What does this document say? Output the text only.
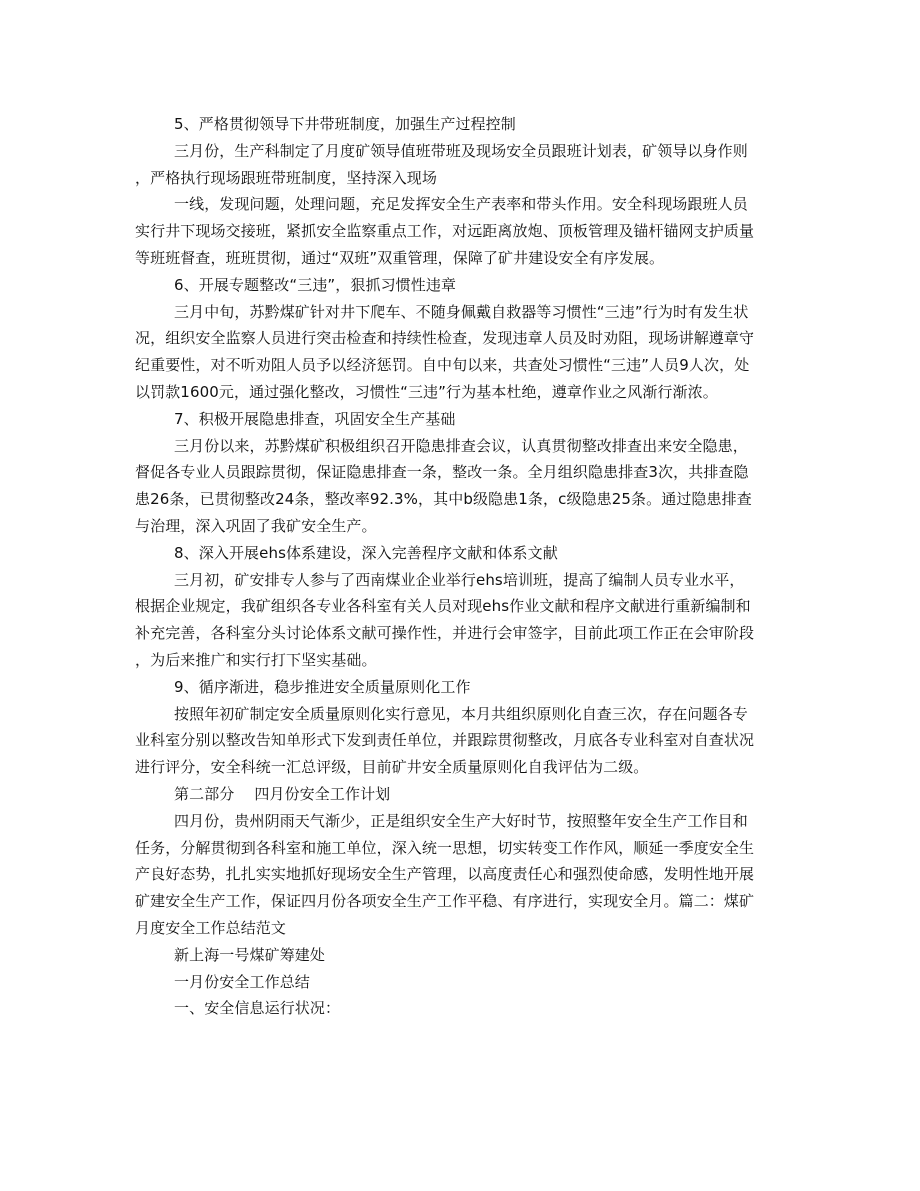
5、严格贯彻领导下井带班制度，加强生产过程控制
三月份，生产科制定了月度矿领导值班带班及现场安全员跟班计划表，矿领导以身作则
，严格执行现场跟班带班制度，坚持深入现场
一线，发现问题，处理问题，充足发挥安全生产表率和带头作用。安全科现场跟班人员
实行井下现场交接班，紧抓安全监察重点工作，对远距离放炮、顶板管理及锚杆锚网支护质量
等班班督查，班班贯彻，通过“双班”双重管理，保障了矿井建设安全有序发展。
6、开展专题整改“三违”，狠抓习惯性违章
三月中旬，苏黔煤矿针对井下爬车、不随身佩戴自救器等习惯性“三违”行为时有发生状
况，组织安全监察人员进行突击检查和持续性检查，发现违章人员及时劝阻，现场讲解遵章守
纪重要性，对不听劝阻人员予以经济惩罚。自中旬以来，共查处习惯性“三违”人员9人次，处
以罚款1600元，通过强化整改，习惯性“三违”行为基本杜绝，遵章作业之风渐行渐浓。
7、积极开展隐患排查，巩固安全生产基础
三月份以来，苏黔煤矿积极组织召开隐患排查会议，认真贯彻整改排查出来安全隐患，
督促各专业人员跟踪贯彻，保证隐患排查一条，整改一条。全月组织隐患排查3次，共排查隐
患26条，已贯彻整改24条，整改率92.3%，其中b级隐患1条，c级隐患25条。通过隐患排查
与治理，深入巩固了我矿安全生产。
8、深入开展ehs体系建设，深入完善程序文献和体系文献
三月初，矿安排专人参与了西南煤业企业举行ehs培训班，提高了编制人员专业水平，
根据企业规定，我矿组织各专业各科室有关人员对现ehs作业文献和程序文献进行重新编制和
补充完善，各科室分头讨论体系文献可操作性，并进行会审签字，目前此项工作正在会审阶段
，为后来推广和实行打下坚实基础。
9、循序渐进，稳步推进安全质量原则化工作
按照年初矿制定安全质量原则化实行意见，本月共组织原则化自查三次，存在问题各专
业科室分别以整改告知单形式下发到责任单位，并跟踪贯彻整改，月底各专业科室对自查状况
进行评分，安全科统一汇总评级，目前矿井安全质量原则化自我评估为二级。
第二部分　 四月份安全工作计划
四月份，贵州阴雨天气渐少，正是组织安全生产大好时节，按照整年安全生产工作目和
任务，分解贯彻到各科室和施工单位，深入统一思想，切实转变工作作风，顺延一季度安全生
产良好态势，扎扎实实地抓好现场安全生产管理，以高度责任心和强烈使命感，发明性地开展
矿建安全生产工作，保证四月份各项安全生产工作平稳、有序进行，实现安全月。篇二：煤矿
月度安全工作总结范文
新上海一号煤矿筹建处
一月份安全工作总结
一、安全信息运行状况：
